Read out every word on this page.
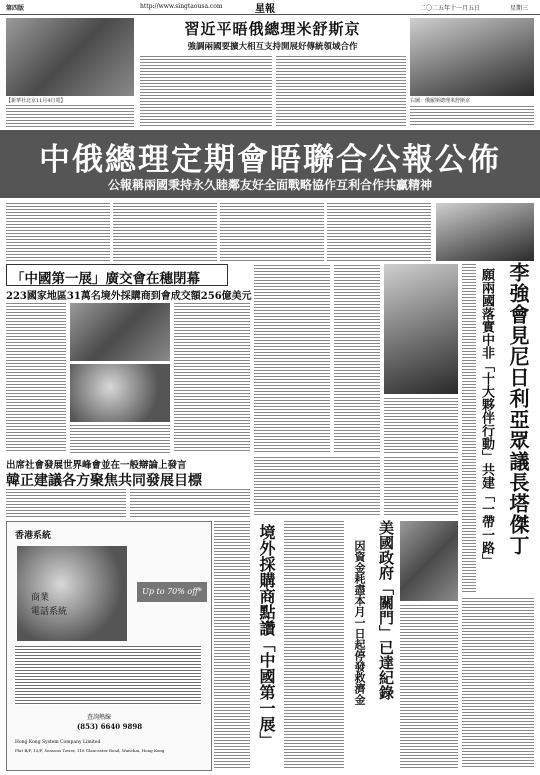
第四版	http://www.singtaousa.com	星報	二〇二五年十一月五日	星期三
習近平晤俄總理米舒斯京
強調兩國要擴大相互支持開展好傳統領域合作
【新華社北京11月4日電】	右圖：俄羅斯總理米舒斯京
中俄總理定期會晤聯合公報公佈
公報稱兩國秉持永久睦鄰友好全面戰略協作互利合作共贏精神
「中國第一展」廣交會在穗閉幕
223國家地區31萬名境外採購商到會成交額256億美元	李強會見尼日利亞眾議長塔傑丁
願兩國落實中非「十大夥伴行動」共建「一帶一路」
出席社會發展世界峰會並在一般辯論上發言
韓正建議各方聚焦共同發展目標
香港系統
商業
電話系統
Up to 70% off*
查詢熱線
(853) 6640 9898
Hong Kong System Company Limited
Flat B/F, 15/F, Seasons Tower, 118 Glaucester Road, Wanchai, Hong Kong
境外採購商點讚「中國第一展」	美國政府「關門」已達紀錄
因資金耗盡本月一日起停發救濟金
